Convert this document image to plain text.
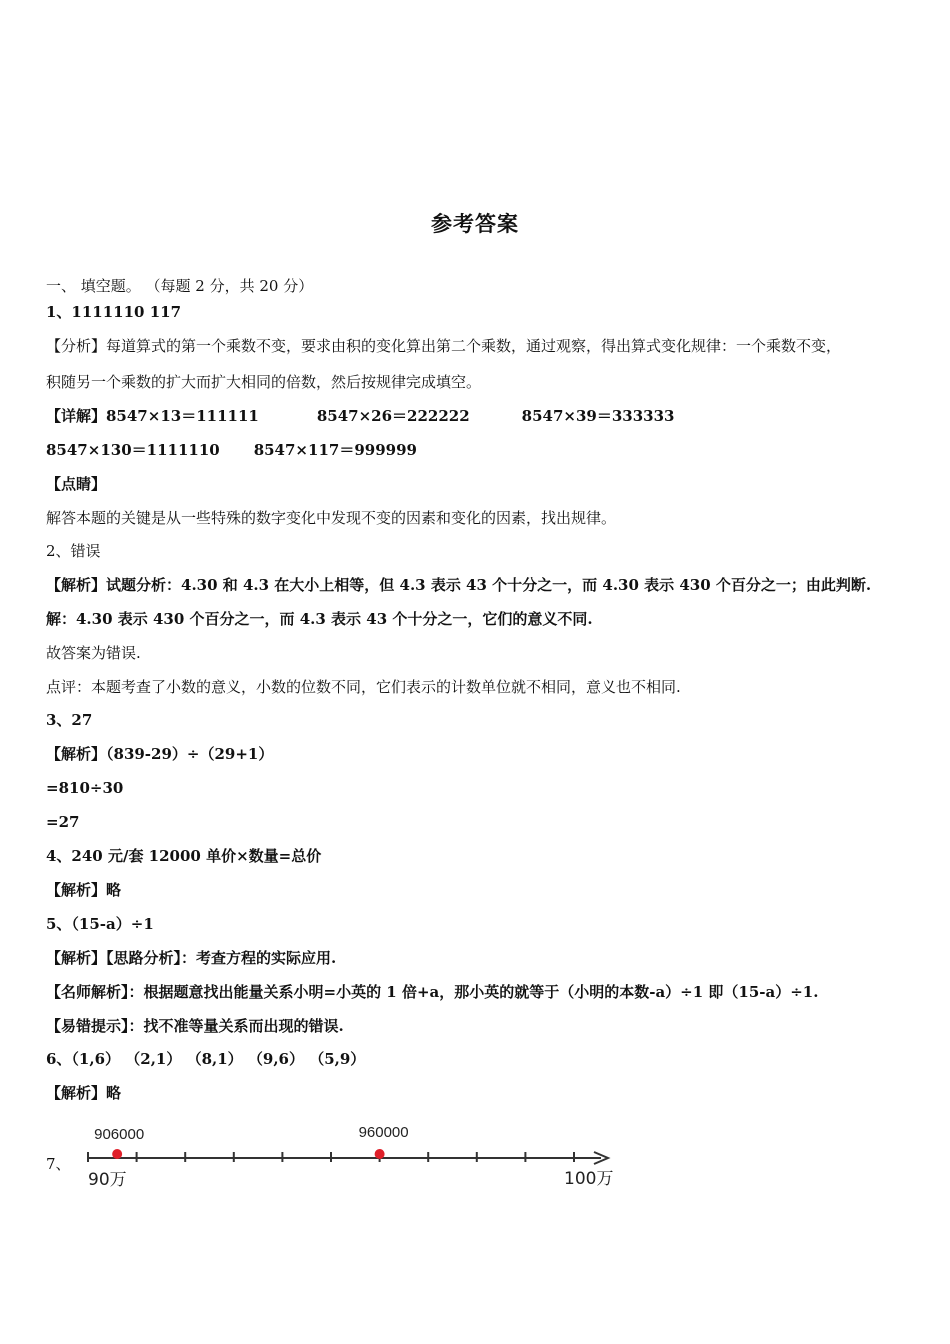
参考答案
一、 填空题。 （每题 2 分，共 20 分）
1、1111110 117
【分析】每道算式的第一个乘数不变，要求由积的变化算出第二个乘数，通过观察，得出算式变化规律：一个乘数不变，
积随另一个乘数的扩大而扩大相同的倍数，然后按规律完成填空。
【详解】8547×13＝111111	8547×26＝222222	8547×39＝333333
8547×130＝1111110 8547×117＝999999
【点睛】
解答本题的关键是从一些特殊的数字变化中发现不变的因素和变化的因素，找出规律。
2、错误
【解析】试题分析：4.30 和 4.3 在大小上相等，但 4.3 表示 43 个十分之一，而 4.30 表示 430 个百分之一；由此判断.
解：4.30 表示 430 个百分之一，而 4.3 表示 43 个十分之一，它们的意义不同.
故答案为错误.
点评：本题考查了小数的意义，小数的位数不同，它们表示的计数单位就不相同，意义也不相同.
3、27
【解析】（839-29）÷（29+1）
=810÷30
=27
4、240 元/套 12000 单价×数量=总价
【解析】略
5、（15-a）÷1
【解析】【思路分析】：考查方程的实际应用.
【名师解析】：根据题意找出能量关系小明=小英的 1 倍+a，那小英的就等于（小明的本数-a）÷1 即（15-a）÷1.
【易错提示】：找不准等量关系而出现的错误.
6、（1,6） （2,1） （8,1） （9,6） （5,9）
【解析】略
7、
906000	960000
90万	100万
